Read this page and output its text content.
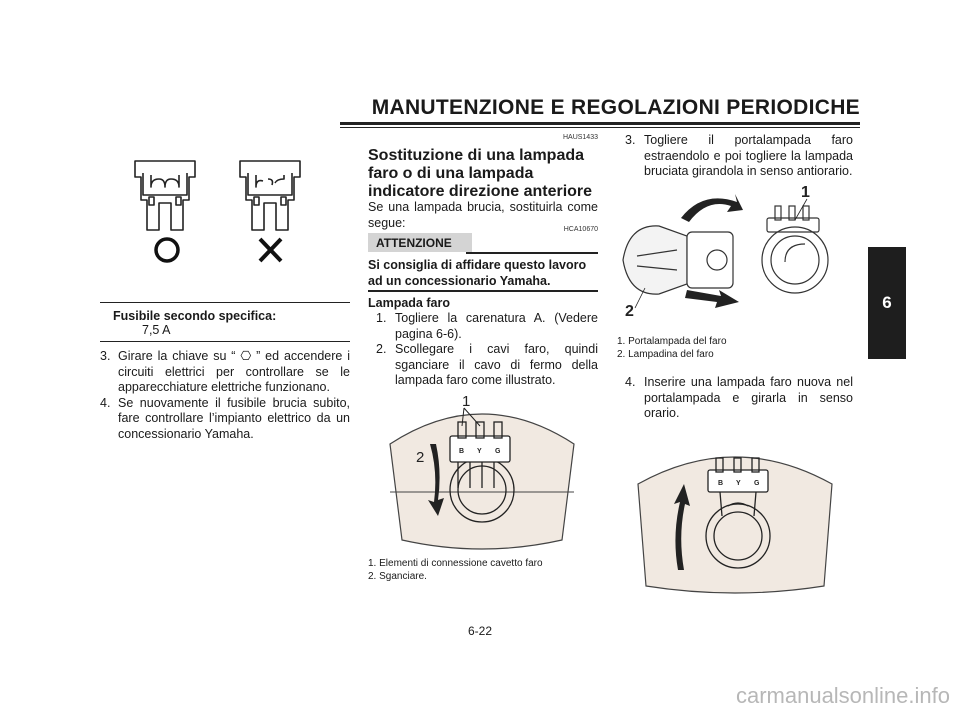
MANUTENZIONE E REGOLAZIONI PERIODICHE
6
Fusibile secondo specifica:
7,5 A
3. Girare la chiave su “ ⎔ ” ed accendere i circuiti elettrici per controllare se le apparecchiature elettriche funzionano.
4. Se nuovamente il fusibile brucia subito, fare controllare l’impianto elettrico da un concessionario Yamaha.
HAUS1433
Sostituzione di una lampada faro o di una lampada indicatore direzione anteriore
Se una lampada brucia, sostituirla come segue:	HCA10670
ATTENZIONE
Si consiglia di affidare questo lavoro ad un concessionario Yamaha.
Lampada faro
1. Togliere la carenatura A. (Vedere pagina 6-6).
2. Scollegare i cavi faro, quindi sganciare il cavo di fermo della lampada faro come illustrato.
B Y G
1
2
1. Elementi di connessione cavetto faro
2. Sganciare.
3. Togliere il portalampada faro estraendolo e poi togliere la lampada bruciata girandola in senso antiorario.
1
2
1. Portalampada del faro
2. Lampadina del faro
4. Inserire una lampada faro nuova nel portalampada e girarla in senso orario.
B Y G
6-22
carmanualsonline.info
